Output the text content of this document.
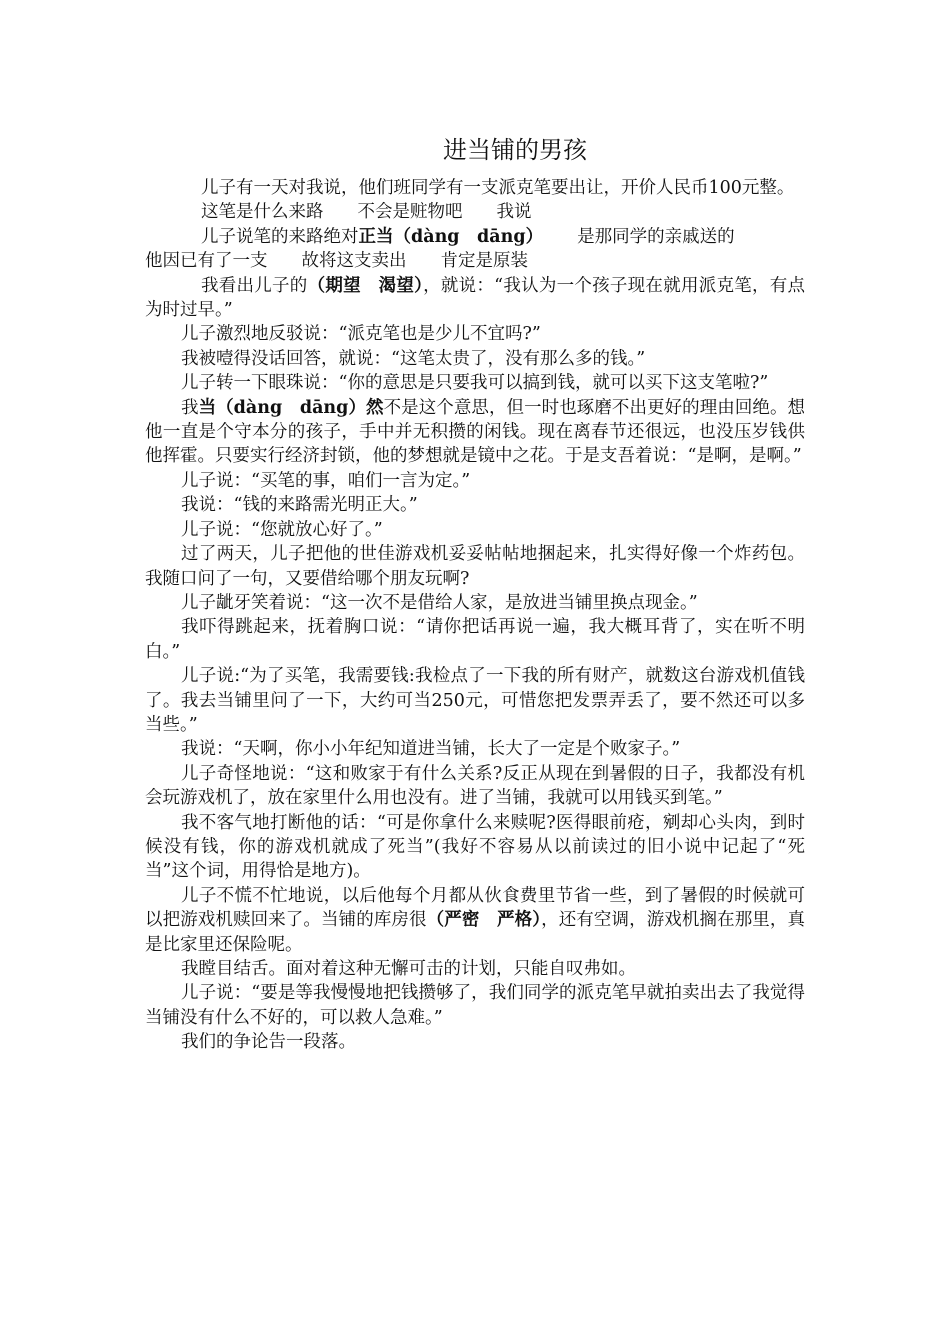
进当铺的男孩

儿子有一天对我说，他们班同学有一支派克笔要出让，开价人民币100元整。

这笔是什么来路 不会是赃物吧 我说

儿子说笔的来路绝对正当（dàng　dāng） 是那同学的亲戚送的

他因已有了一支 故将这支卖出 肯定是原装

我看出儿子的（期望　渴望），就说：“我认为一个孩子现在就用派克笔，有点为时过早。”

儿子激烈地反驳说：“派克笔也是少儿不宜吗?”

我被噎得没话回答，就说：“这笔太贵了，没有那么多的钱。”

儿子转一下眼珠说：“你的意思是只要我可以搞到钱，就可以买下这支笔啦?”

我当（dàng　dāng）然不是这个意思，但一时也琢磨不出更好的理由回绝。想他一直是个守本分的孩子，手中并无积攒的闲钱。现在离春节还很远，也没压岁钱供他挥霍。只要实行经济封锁，他的梦想就是镜中之花。于是支吾着说：“是啊，是啊。”

儿子说：“买笔的事，咱们一言为定。”

我说：“钱的来路需光明正大。”

儿子说：“您就放心好了。”

过了两天，儿子把他的世佳游戏机妥妥帖帖地捆起来，扎实得好像一个炸药包。我随口问了一句，又要借给哪个朋友玩啊?

儿子龇牙笑着说：“这一次不是借给人家，是放进当铺里换点现金。”

我吓得跳起来，抚着胸口说：“请你把话再说一遍，我大概耳背了，实在听不明白。”

儿子说:“为了买笔，我需要钱:我检点了一下我的所有财产，就数这台游戏机值钱了。我去当铺里问了一下，大约可当250元，可惜您把发票弄丢了，要不然还可以多当些。”

我说：“天啊，你小小年纪知道进当铺，长大了一定是个败家子。”

儿子奇怪地说：“这和败家于有什么关系?反正从现在到暑假的日子，我都没有机会玩游戏机了，放在家里什么用也没有。进了当铺，我就可以用钱买到笔。”

我不客气地打断他的话：“可是你拿什么来赎呢?医得眼前疮，剜却心头肉，到时候没有钱，你的游戏机就成了死当”(我好不容易从以前读过的旧小说中记起了“死当”这个词，用得恰是地方)。

儿子不慌不忙地说，以后他每个月都从伙食费里节省一些，到了暑假的时候就可以把游戏机赎回来了。当铺的库房很（严密　严格），还有空调，游戏机搁在那里，真是比家里还保险呢。

我瞠目结舌。面对着这种无懈可击的计划，只能自叹弗如。

儿子说：“要是等我慢慢地把钱攒够了，我们同学的派克笔早就拍卖出去了我觉得当铺没有什么不好的，可以救人急难。”

我们的争论告一段落。
